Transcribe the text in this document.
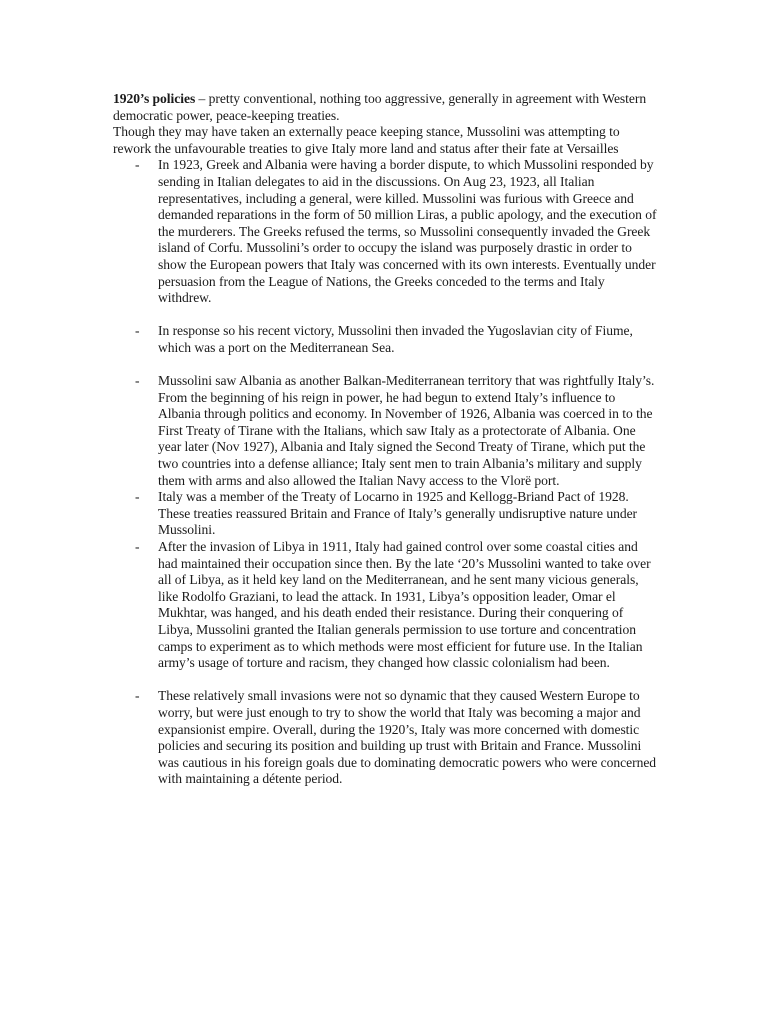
1920’s policies – pretty conventional, nothing too aggressive, generally in agreement with Western democratic power, peace-keeping treaties.

Though they may have taken an externally peace keeping stance, Mussolini was attempting to rework the unfavourable treaties to give Italy more land and status after their fate at Versailles

- In 1923, Greek and Albania were having a border dispute, to which Mussolini responded by sending in Italian delegates to aid in the discussions. On Aug 23, 1923, all Italian representatives, including a general, were killed. Mussolini was furious with Greece and demanded reparations in the form of 50 million Liras, a public apology, and the execution of the murderers. The Greeks refused the terms, so Mussolini consequently invaded the Greek island of Corfu. Mussolini’s order to occupy the island was purposely drastic in order to show the European powers that Italy was concerned with its own interests. Eventually under persuasion from the League of Nations, the Greeks conceded to the terms and Italy withdrew.
- In response so his recent victory, Mussolini then invaded the Yugoslavian city of Fiume, which was a port on the Mediterranean Sea.
- Mussolini saw Albania as another Balkan-Mediterranean territory that was rightfully Italy’s. From the beginning of his reign in power, he had begun to extend Italy’s influence to Albania through politics and economy. In November of 1926, Albania was coerced in to the First Treaty of Tirane with the Italians, which saw Italy as a protectorate of Albania. One year later (Nov 1927), Albania and Italy signed the Second Treaty of Tirane, which put the two countries into a defense alliance; Italy sent men to train Albania’s military and supply them with arms and also allowed the Italian Navy access to the Vlorë port.
- Italy was a member of the Treaty of Locarno in 1925 and Kellogg-Briand Pact of 1928. These treaties reassured Britain and France of Italy’s generally undisruptive nature under Mussolini.
- After the invasion of Libya in 1911, Italy had gained control over some coastal cities and had maintained their occupation since then. By the late ‘20’s Mussolini wanted to take over all of Libya, as it held key land on the Mediterranean, and he sent many vicious generals, like Rodolfo Graziani, to lead the attack. In 1931, Libya’s opposition leader, Omar el Mukhtar, was hanged, and his death ended their resistance. During their conquering of Libya, Mussolini granted the Italian generals permission to use torture and concentration camps to experiment as to which methods were most efficient for future use. In the Italian army’s usage of torture and racism, they changed how classic colonialism had been.
- These relatively small invasions were not so dynamic that they caused Western Europe to worry, but were just enough to try to show the world that Italy was becoming a major and expansionist empire. Overall, during the 1920’s, Italy was more concerned with domestic policies and securing its position and building up trust with Britain and France. Mussolini was cautious in his foreign goals due to dominating democratic powers who were concerned with maintaining a détente period.
